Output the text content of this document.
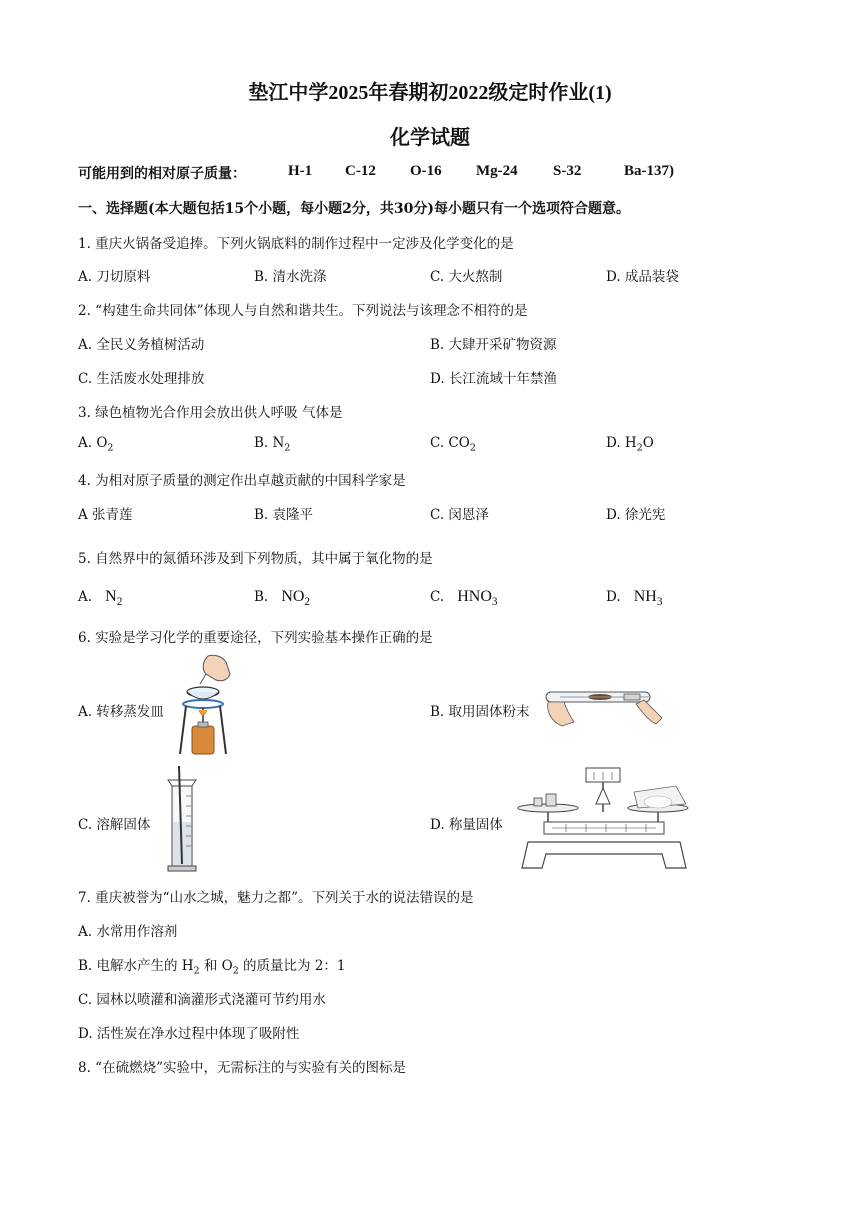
垫江中学2025年春期初2022级定时作业(1)
化学试题
可能用到的相对原子质量：	H-1 C-12 O-16 Mg-24 S-32	Ba-137)
一、选择题(本大题包括15个小题，每小题2分，共30分)每小题只有一个选项符合题意。
1. 重庆火锅备受追捧。下列火锅底料的制作过程中一定涉及化学变化的是
A. 刀切原料	B. 清水洗涤	C. 大火熬制	D. 成品装袋
2. “构建生命共同体”体现人与自然和谐共生。下列说法与该理念不相符的是
A. 全民义务植树活动	B. 大肆开采矿物资源
C. 生活废水处理排放	D. 长江流域十年禁渔
3. 绿色植物光合作用会放出供人呼吸 气体是
A. $O_2$	B. $N_2$	C. $CO_2$	D. $H_2O$
4. 为相对原子质量的测定作出卓越贡献的中国科学家是
A 张青莲	B. 袁隆平	C. 闵恩泽	D. 徐光宪
5. 自然界中的氮循环涉及到下列物质，其中属于氧化物的是
A. $N_2$	B. $NO_2$	C. $HNO_3$	D. $NH_3$
6. 实验是学习化学的重要途径，下列实验基本操作正确的是
A. 转移蒸发皿	B. 取用固体粉末
C. 溶解固体	D. 称量固体
7. 重庆被誉为“山水之城，魅力之都”。下列关于水的说法错误的是
A. 水常用作溶剂
B. 电解水产生的 $H_2$ 和 $O_2$ 的质量比为 2：1
C. 园林以喷灌和滴灌形式浇灌可节约用水
D. 活性炭在净水过程中体现了吸附性
8. “在硫燃烧”实验中，无需标注的与实验有关的图标是
